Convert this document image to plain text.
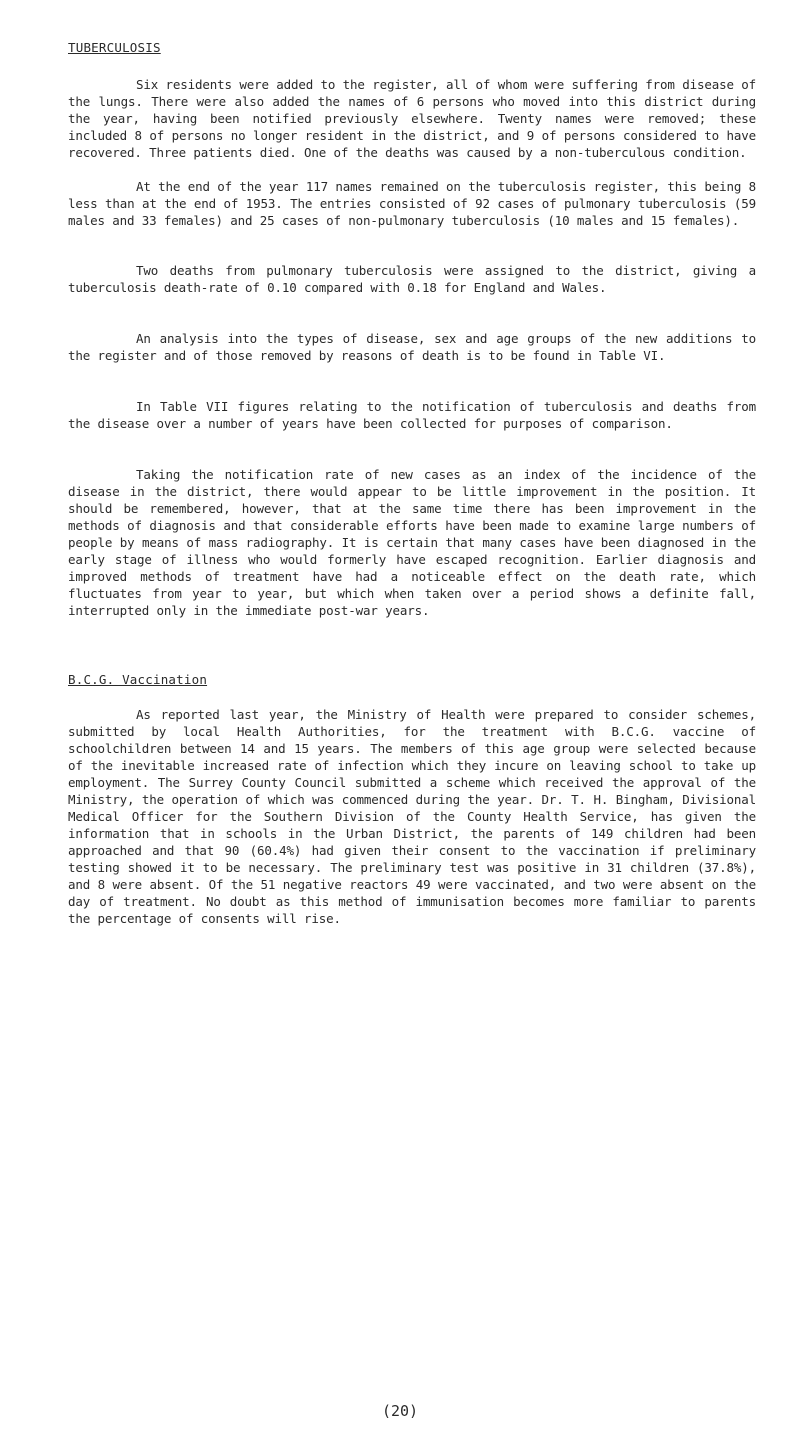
TUBERCULOSIS

Six residents were added to the register, all of whom were suffering from disease of the lungs. There were also added the names of 6 persons who moved into this district during the year, having been notified previously elsewhere. Twenty names were removed; these included 8 of persons no longer resident in the district, and 9 of persons considered to have recovered. Three patients died. One of the deaths was caused by a non-tuberculous condition.

At the end of the year 117 names remained on the tuberculosis register, this being 8 less than at the end of 1953. The entries consisted of 92 cases of pulmonary tuberculosis (59 males and 33 females) and 25 cases of non-pulmonary tuberculosis (10 males and 15 females).

Two deaths from pulmonary tuberculosis were assigned to the district, giving a tuberculosis death-rate of 0.10 compared with 0.18 for England and Wales.

An analysis into the types of disease, sex and age groups of the new additions to the register and of those removed by reasons of death is to be found in Table VI.

In Table VII figures relating to the notification of tuberculosis and deaths from the disease over a number of years have been collected for purposes of comparison.

Taking the notification rate of new cases as an index of the incidence of the disease in the district, there would appear to be little improvement in the position. It should be remembered, however, that at the same time there has been improvement in the methods of diagnosis and that considerable efforts have been made to examine large numbers of people by means of mass radiography. It is certain that many cases have been diagnosed in the early stage of illness who would formerly have escaped recognition. Earlier diagnosis and improved methods of treatment have had a noticeable effect on the death rate, which fluctuates from year to year, but which when taken over a period shows a definite fall, interrupted only in the immediate post-war years.

B.C.G. Vaccination

As reported last year, the Ministry of Health were prepared to consider schemes, submitted by local Health Authorities, for the treatment with B.C.G. vaccine of schoolchildren between 14 and 15 years. The members of this age group were selected because of the inevitable increased rate of infection which they incure on leaving school to take up employment. The Surrey County Council submitted a scheme which received the approval of the Ministry, the operation of which was commenced during the year. Dr. T. H. Bingham, Divisional Medical Officer for the Southern Division of the County Health Service, has given the information that in schools in the Urban District, the parents of 149 children had been approached and that 90 (60.4%) had given their consent to the vaccination if preliminary testing showed it to be necessary. The preliminary test was positive in 31 children (37.8%), and 8 were absent. Of the 51 negative reactors 49 were vaccinated, and two were absent on the day of treatment. No doubt as this method of immunisation becomes more familiar to parents the percentage of consents will rise.

(20)
